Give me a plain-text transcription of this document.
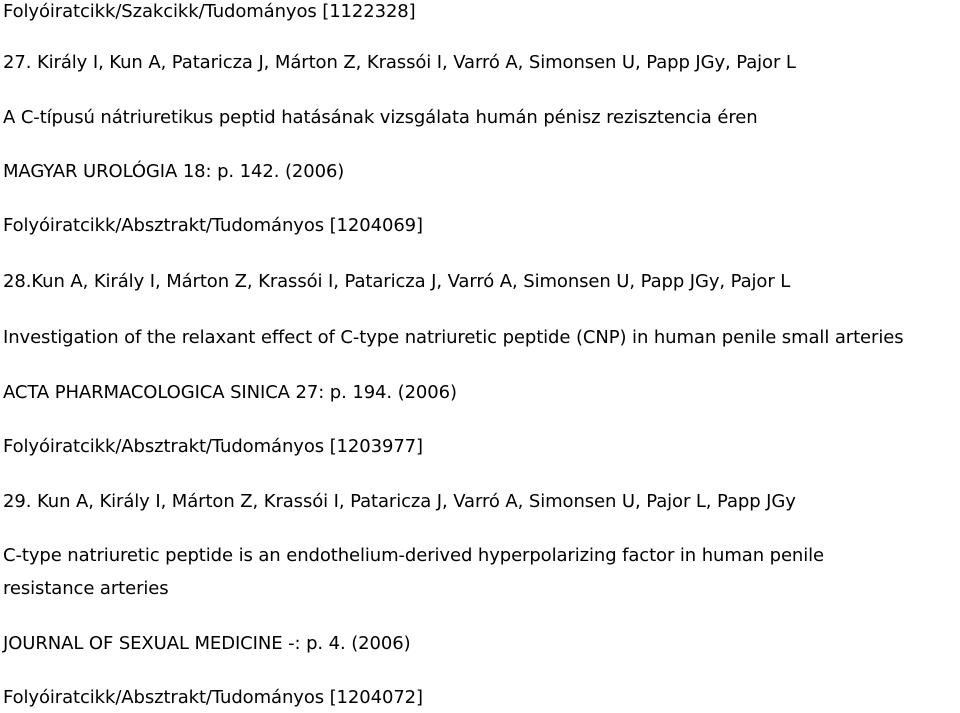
Folyóiratcikk/Szakcikk/Tudományos [1122328]
27. Király I, Kun A, Pataricza J, Márton Z, Krassói I, Varró A, Simonsen U, Papp JGy, Pajor L
A C-típusú nátriuretikus peptid hatásának vizsgálata humán pénisz rezisztencia éren
MAGYAR UROLÓGIA 18: p. 142. (2006)
Folyóiratcikk/Absztrakt/Tudományos [1204069]
28.Kun A, Király I, Márton Z, Krassói I, Pataricza J, Varró A, Simonsen U, Papp JGy, Pajor L
Investigation of the relaxant effect of C-type natriuretic peptide (CNP) in human penile small arteries
ACTA PHARMACOLOGICA SINICA 27: p. 194. (2006)
Folyóiratcikk/Absztrakt/Tudományos [1203977]
29. Kun A, Király I, Márton Z, Krassói I, Pataricza J, Varró A, Simonsen U, Pajor L, Papp JGy
C-type natriuretic peptide is an endothelium-derived hyperpolarizing factor in human penile
resistance arteries
JOURNAL OF SEXUAL MEDICINE -: p. 4. (2006)
Folyóiratcikk/Absztrakt/Tudományos [1204072]
